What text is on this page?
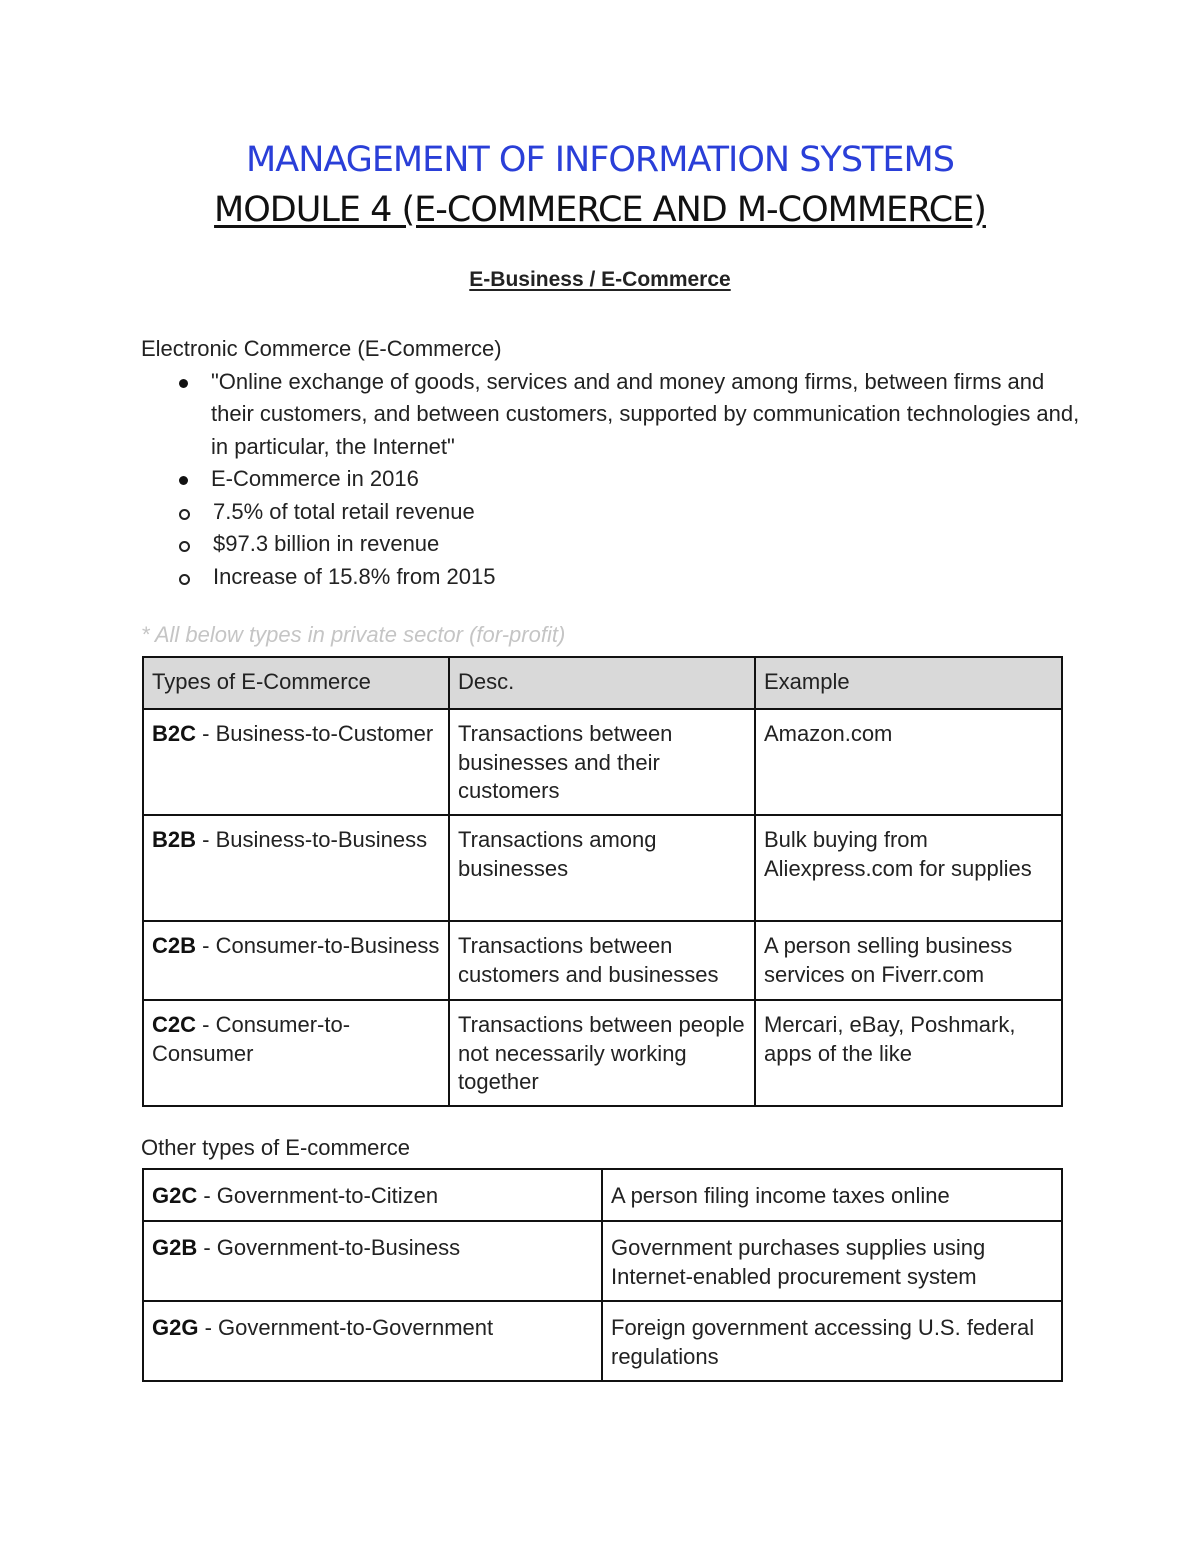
MANAGEMENT OF INFORMATION SYSTEMS
MODULE 4 (E-COMMERCE AND M-COMMERCE)
E-Business / E-Commerce

Electronic Commerce (E-Commerce)

"Online exchange of goods, services and and money among firms, between firms and their customers, and between customers, supported by communication technologies and, in particular, the Internet"
E-Commerce in 2016
7.5% of total retail revenue
$97.3 billion in revenue
Increase of 15.8% from 2015
* All below types in private sector (for-profit)
Types of E-Commerce	Desc.	Example
B2C - Business-to-Customer	Transactions between businesses and their customers	Amazon.com
B2B - Business-to-Business	Transactions among businesses	Bulk buying from Aliexpress.com for supplies
C2B - Consumer-to-Business	Transactions between customers and businesses	A person selling business services on Fiverr.com
C2C - Consumer-to-Consumer	Transactions between people not necessarily working together	Mercari, eBay, Poshmark, apps of the like
Other types of E-commerce
G2C - Government-to-Citizen	A person filing income taxes online
G2B - Government-to-Business	Government purchases supplies using Internet-enabled procurement system
G2G - Government-to-Government	Foreign government accessing U.S. federal regulations
